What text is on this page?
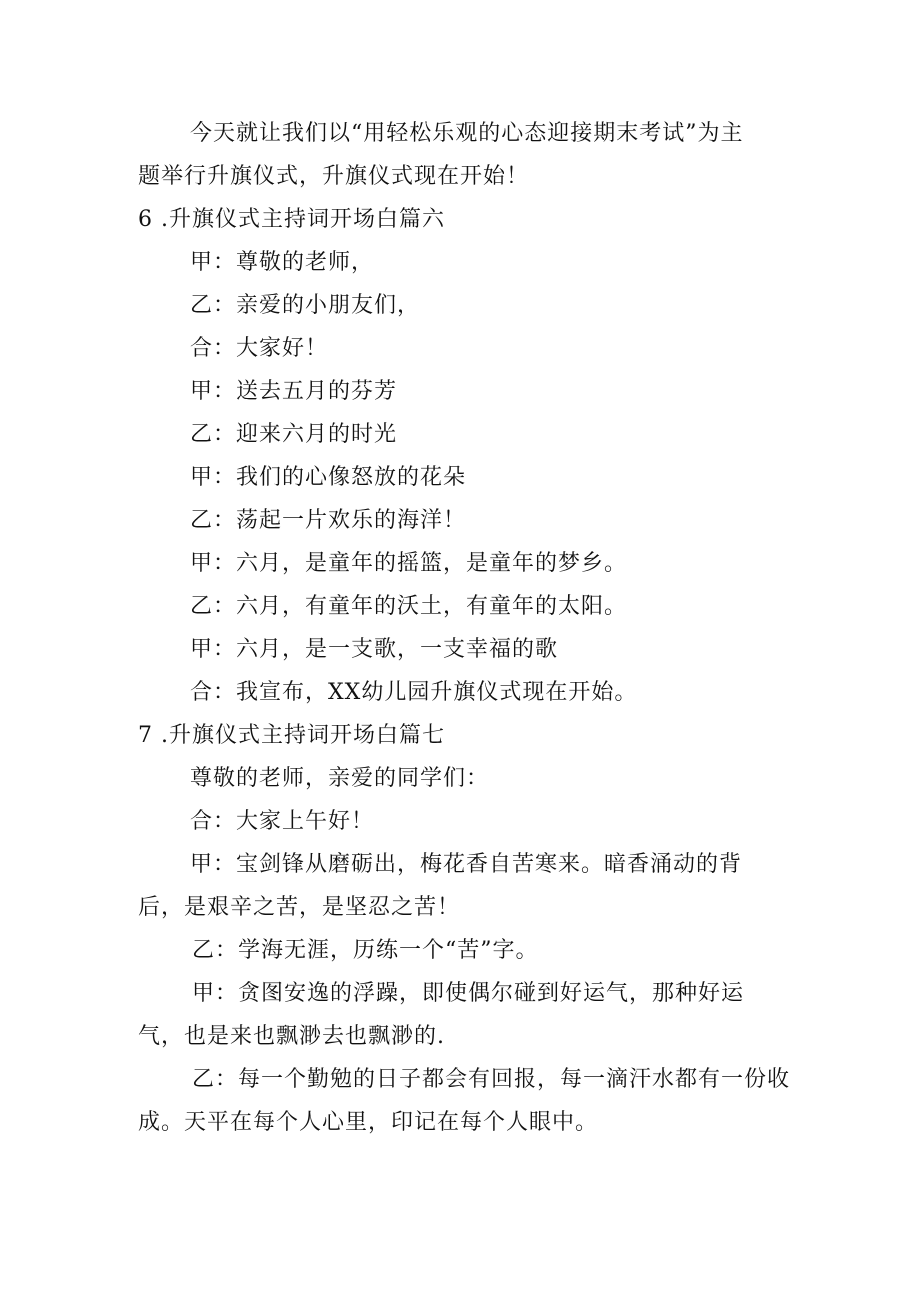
今天就让我们以“用轻松乐观的心态迎接期末考试”为主
题举行升旗仪式，升旗仪式现在开始！
6 .升旗仪式主持词开场白篇六
甲：尊敬的老师，
乙：亲爱的小朋友们，
合：大家好！
甲：送去五月的芬芳
乙：迎来六月的时光
甲：我们的心像怒放的花朵
乙：荡起一片欢乐的海洋！
甲：六月，是童年的摇篮，是童年的梦乡。
乙：六月，有童年的沃土，有童年的太阳。
甲：六月，是一支歌，一支幸福的歌
合：我宣布，XX幼儿园升旗仪式现在开始。
7 .升旗仪式主持词开场白篇七
尊敬的老师，亲爱的同学们：
合：大家上午好！
甲：宝剑锋从磨砺出，梅花香自苦寒来。暗香涌动的背
后，是艰辛之苦，是坚忍之苦！
乙：学海无涯，历练一个“苦”字。
甲：贪图安逸的浮躁，即使偶尔碰到好运气，那种好运
气，也是来也飘渺去也飘渺的.
乙：每一个勤勉的日子都会有回报，每一滴汗水都有一份收
成。天平在每个人心里，印记在每个人眼中。
